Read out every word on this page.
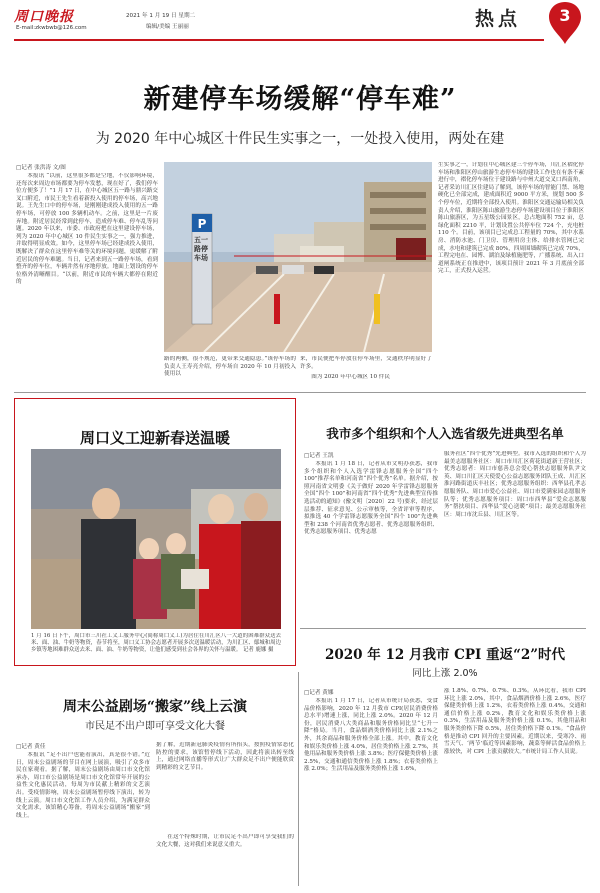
周口晚报
E-mail:zkwbwb@126.com
2021 年 1 月 19 日 星期二
编辑/美编 王丽丽	热点	3
新建停车场缓解“停车难”
为 2020 年中心城区十件民生实事之一，一处投入使用，两处在建
□记者 张洪涛 文/图

本报讯 “以前，这里很多都是空地，不仅影响环境，还每次来周边市场都要为停车发愁，现在好了，我们停车位方便多了！”1 月 17 日，在中心城区五一路与鼎兴路交叉口附近，市民王先生看着新投入使用的停车场，高兴地说。王先生口中的停车场，是刚刚建成投入使用的五一路停车场，可停放 100 多辆机动车。之前，这里是一片废弃地。附近居民经常到此停车，造成停车难、停车乱等问题。2020 年以来，市委、市政府把在这里建设停车场，列为 2020 年中心城区 10 件民生实事之一，强力推进，并取得明显成效。如今，这里停车场已经建成投入使用，既解决了群众在这里停车难等关的环境问题，更缓解了附近居民的停车难题。当日，记者来到五一路停车场，看到整齐的停车位，车辆井然有序地停放。地面上划设的停车位格外清晰醒目。“以前，附近市民的车辆大都停在附近的

P
五一路停车场

路的两侧，很不规范，更带来交通隐患。”该停车场的负责人王寿亮介绍，停车场自 2020 年 10 月初投入使用以

来，市民便把车停放在停车场里，交通秩序明显好了许多。

图为 2020 年中心城区 10 件民

生实事之一，计划在中心城区建三个停车场，川汇区褶化停车场和淮阳区停山旅游生态停车场的建设工作也在有条不紊进行中，褶化停车场位于建设路与中州大道交叉口西南角，记者采访川汇区住建局了解到，该停车场的智能门禁、场地硬化已全部完成，建成面积近 9000 平方米，规划 500 多个停车位，近期将全部投入使用。淮阳区交通运输局相关负责人介绍，淮阳区陈山旅游生态停车场建设项目位于淮阳区陈山旅游区，为五星级公园景区，总占地面积 752 亩，总绿化面积 2210 平，计划设置公共停车位 724 个，充电桩 110 个。目前，该项目已完成总工程量的 70%，其中水系房、消防水池、门卫房、管理用房主体、给排水管网已完成，水电和建筑已完成 80%，四周围墙砌筑已完成 70%，工程完电在、园博、湖泊及绿植施肥等，广播系统、出入口道闸系统正在推进中，该项目预计 2021 年 3 月底前全部完工，正式投入运营。

周口义工迎新春送温暖

1 月 16 日下午，周口市三川社工义工服务中心(简称周口义工)为居住在川汇区八一大道的困难群众送去米、面、油、牛奶等物资，春节将至，周口义工协会志愿者开展多次送温暖活动，为川汇区、鄢城和周边乡镇等地困难群众送去米、面、油、牛奶等物资，让他们感受到社会各界的关怀与温暖。 记者 鹿娜 摄

我市多个组织和个人入选省级先进典型名单
□记者 王凯

本报讯 1 月 18 日，记者从市文明办获悉，我市多个组织和个人入选学雷锋志愿服务全国“四个 100”推荐名单和河南省“四个优秀”名单。据介绍，按照河南省文明委《关于做好 2020 年学雷锋志愿服务全国“四个 100”和河南省“四个优秀”先进典型宣传推选活动的通知》(豫文明〔2020〕22 号)要求，经过层层推荐、征求意见、公示审核等，全省评审等程序，拟推选 40 个学雷锋志愿服务全国“四个 100”先进典型和 238 个河南省优秀志愿者、优秀志愿服务组织、优秀志愿服务项目、优秀志愿

服务社区“四个优秀”先进典型。我市入选的组织和个人为最美志愿服务社区：周口市川汇区荷花街道新王营社区；优秀志愿者：周口市慈善总会爱心帮扶志愿服务队尹文英、周口川汇区天使爱心公益志愿服务团队王成、川汇区淮河路街道庆丰社区；优秀志愿服务组织：西华县孔孝志愿服务队、周口市爱心公益社、周口市爱满家园志愿服务队等；优秀志愿服务项目：周口市西华县“爱众志愿服务”帮扶项目、西华县“爱心送暖”项目；最美志愿服务社区：周口市沈丘县、川汇区等。

2020 年 12 月我市 CPI 重返“2”时代
同比上涨 2.0%
□记者 黄娜

本报讯 1 月 17 日，记者从市统计局获悉，受食品价格影响，2020 年 12 月我市 CPI(居民消费价格总水平)增速上涨，同比上涨 2.0%。2020 年 12 月份，居民消费八大类商品和服务价格同比呈“七升一降”格局。当月，食品烟酒类价格同比上涨 2.1%之外，其余商品和服务价格全部上涨。其中，教育文化和娱乐类价格上涨 4.0%，居住类价格上涨 2.7%，其他用品和服务类价格上涨 3.8%；医疗保健类价格上涨 2.5%，交通和通信类价格上涨 1.8%；衣着类价格上涨 2.0%；生活用品及服务类价格上涨 1.6%，

涨 1.8%、0.7%、0.7%、0.3%。从环比看，我市 CPI 环比上涨 2.0%，其中，食品烟酒价格上涨 2.6%，医疗保健类价格上涨 1.2%，衣着类价格上涨 0.4%，交通和通信价格上涨 0.2%，教育文化和娱乐类价格上涨 0.3%，生活用品及服务类价格上涨 0.1%，其他用品和服务类价格下降 0.5%，居住类价格下降 0.1%。“食品价格是推动 CPI 回升的主要因素。近期以来，受寒冷、雨雪天气、‘两节’临近等因素影响，蔬菜等鲜活食品价格上涨较快，对 CPI 上涨贡献较大。”市统计局工作人员说。

周末公益剧场“搬家”线上云演
市民足不出户即可享受文化大餐
□记者 黄佳

本报讯 “足不出户也能看演出，真是很不错。”近日，周末公益剧场的节目在网上展演，吸引了众多市民在家观看。据了解，周末公益剧场由周口市文化馆承办，周口市公益剧场是周口市文化馆常年开展的公益性文化惠民活动，每周为市民献上精彩的文艺演出。受疫情影响，周末公益剧场暂停线下演出，转为线上云演。周口市文化馆工作人员介绍，为满足群众文化需求，该馆精心筹备，将周末公益剧场“搬家”到线上。

据了解，近期新冠肺炎疫情有所抬头，按照疫情常态化防控的要求，该馆暂停线下活动，因此将演出转至线上，通过网络直播等形式让广大群众足不出户便能欣赏到精彩的文艺节目。

在这个特殊时期，让市民足不出户即可享受我们的文化大餐，这对我们来说意义重大。
